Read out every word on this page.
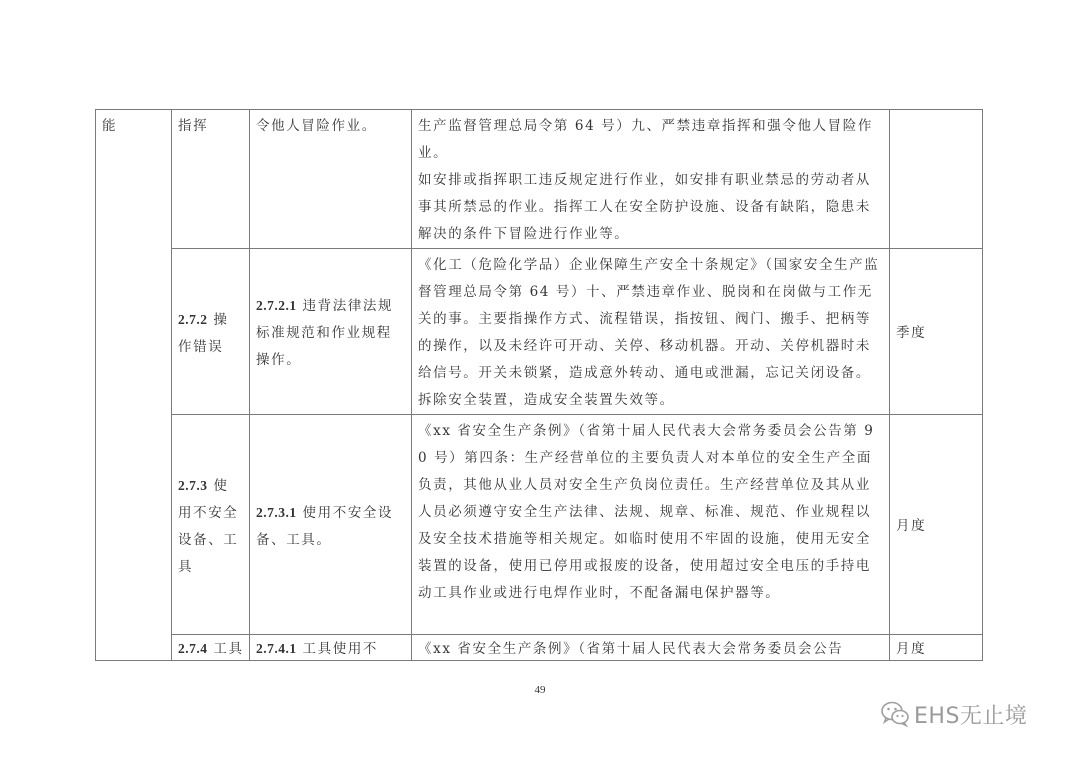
能	指挥	令他人冒险作业。	生产监督管理总局令第 64 号）九、严禁违章指挥和强令他人冒险作业。
如安排或指挥职工违反规定进行作业，如安排有职业禁忌的劳动者从事其所禁忌的作业。指挥工人在安全防护设施、设备有缺陷，隐患未解决的条件下冒险进行作业等。	

	2.7.2 操作错误	2.7.2.1 违背法律法规标准规范和作业规程操作。	《化工（危险化学品）企业保障生产安全十条规定》（国家安全生产监督管理总局令第 64 号）十、严禁违章作业、脱岗和在岗做与工作无关的事。主要指操作方式、流程错误，指按钮、阀门、搬手、把柄等的操作，以及未经许可开动、关停、移动机器。开动、关停机器时未给信号。开关未锁紧，造成意外转动、通电或泄漏，忘记关闭设备。拆除安全装置，造成安全装置失效等。	季度
	2.7.3 使用不安全设备、工具	2.7.3.1 使用不安全设备、工具。	《xx 省安全生产条例》（省第十届人民代表大会常务委员会公告第 90 号）第四条：生产经营单位的主要负责人对本单位的安全生产全面负责，其他从业人员对安全生产负岗位责任。生产经营单位及其从业人员必须遵守安全生产法律、法规、规章、标准、规范、作业规程以及安全技术措施等相关规定。如临时使用不牢固的设施，使用无安全装置的设备，使用已停用或报废的设备，使用超过安全电压的手持电动工具作业或进行电焊作业时，不配备漏电保护器等。	月度
	2.7.4 工具	2.7.4.1 工具使用不	《xx 省安全生产条例》（省第十届人民代表大会常务委员会公告	月度
49
EHS无止境
